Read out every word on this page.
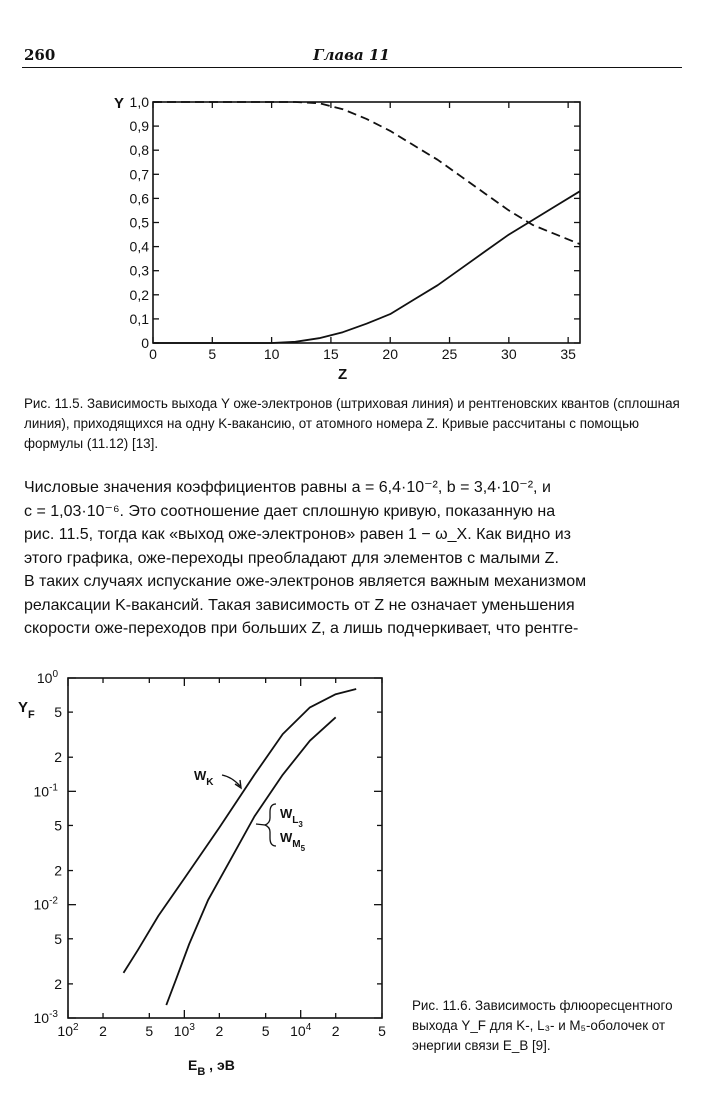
260	Глава 11
0	5	10	15	20	25	30	35
0
0,1
0,2
0,3
0,4
0,5
0,6
0,7
0,8
0,9
1,0
Y
Z
Рис. 11.5. Зависимость выхода Y оже-электронов (штриховая линия) и рентгеновских квантов (сплошная линия), приходящихся на одну K-вакансию, от атомного номера Z. Кривые рассчитаны с помощью формулы (11.12) [13].

Числовые значения коэффициентов равны a = 6,4·10⁻², b = 3,4·10⁻², и

c = 1,03·10⁻⁶. Это соотношение дает сплошную кривую, показанную на

рис. 11.5, тогда как «выход оже-электронов» равен 1 − ω_X. Как видно из

этого графика, оже-переходы преобладают для элементов с малыми Z.

В таких случаях испускание оже-электронов является важным механизмом

релаксации K-вакансий. Такая зависимость от Z не означает уменьшения

скорости оже-переходов при больших Z, а лишь подчеркивает, что рентге-

$10^2$ 2	5 $10^3$ 2	5 $10^4$ 2	5
$10^{-3}$
2
5
$10^{-2}$
2
5
$10^{-1}$
2
5
$10^0$
$Y_F$
$E_B$ , эВ
$W_K$
$W_{L3}$
$W_{M5}$
Рис. 11.6. Зависимость флюоресцентного выхода Y_F для K-, L₃- и M₅-оболочек от энергии связи E_B [9].
